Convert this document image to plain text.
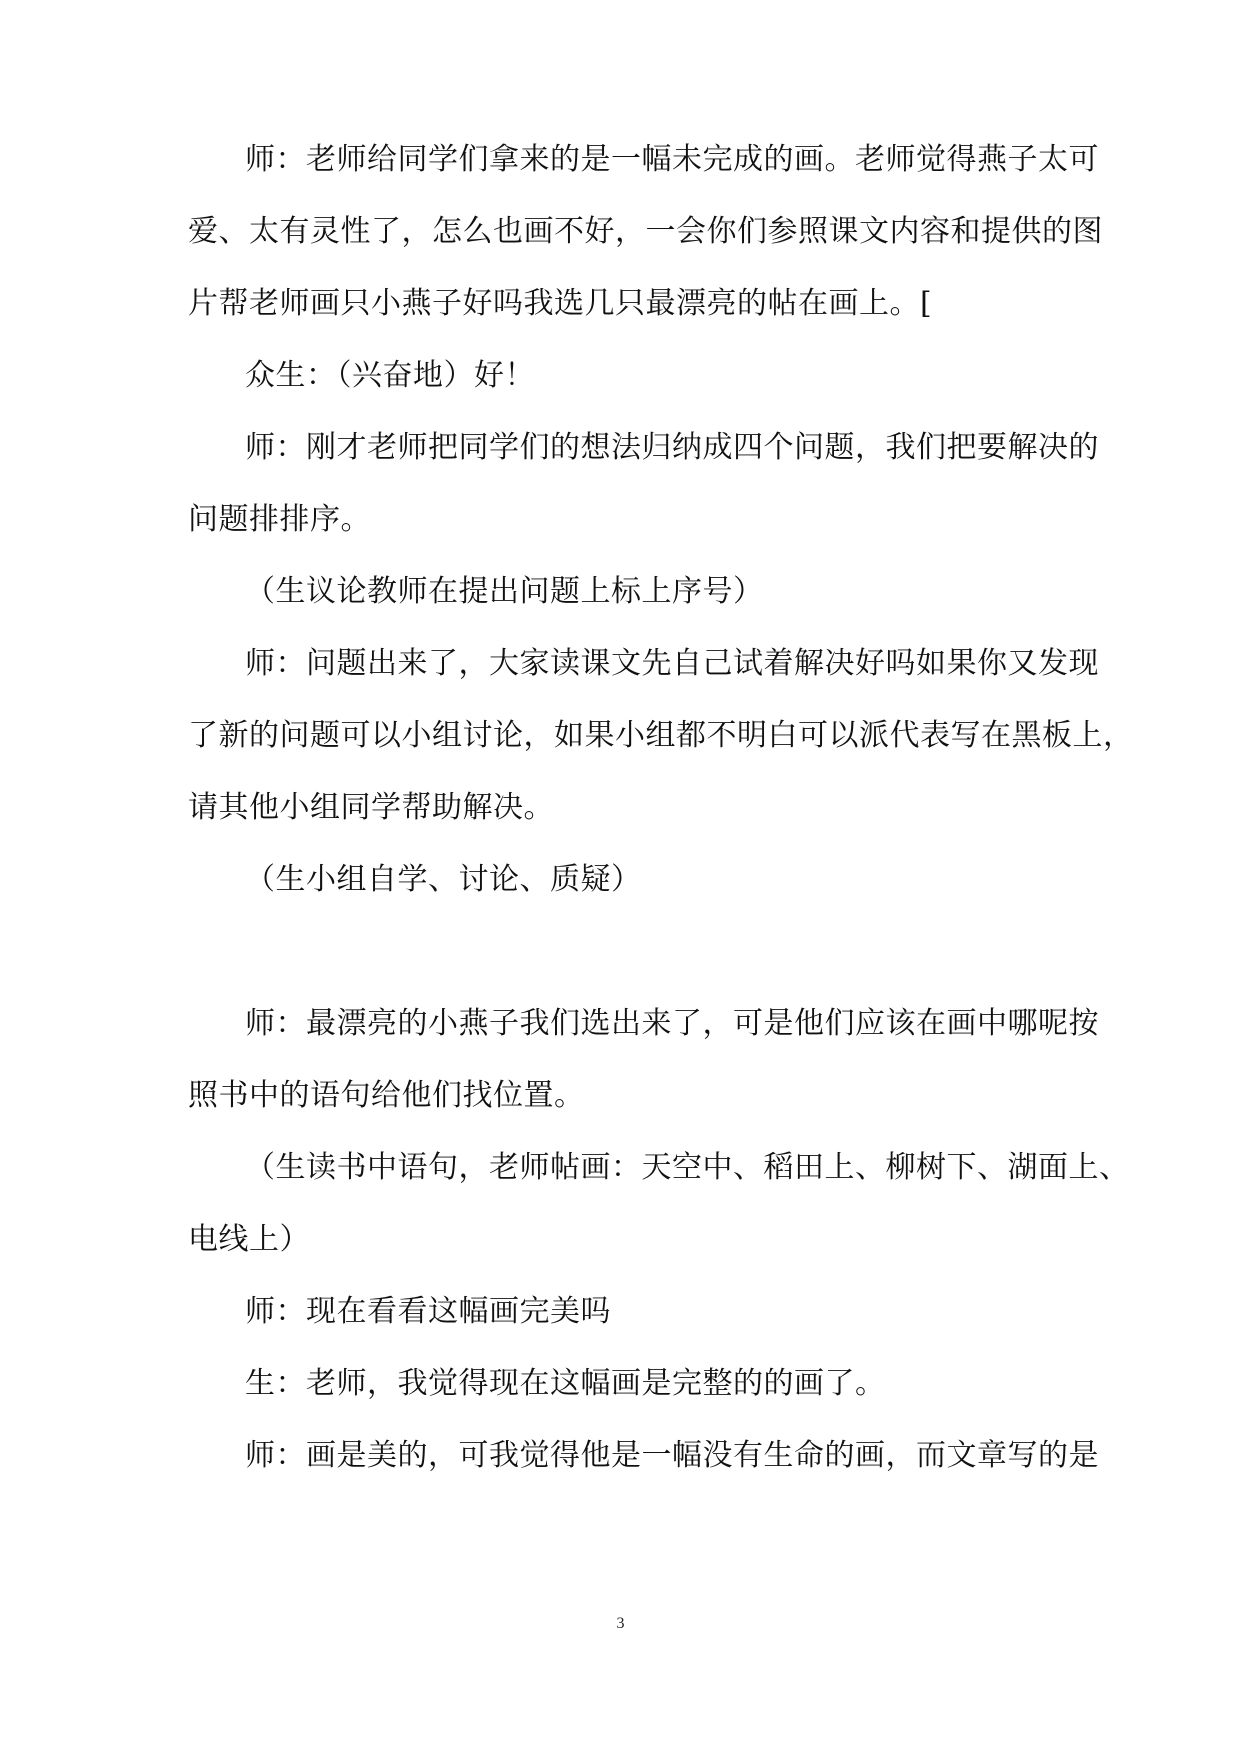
师：老师给同学们拿来的是一幅未完成的画。老师觉得燕子太可

爱、太有灵性了，怎么也画不好，一会你们参照课文内容和提供的图

片帮老师画只小燕子好吗我选几只最漂亮的帖在画上。[

众生：（兴奋地）好！

师：刚才老师把同学们的想法归纳成四个问题，我们把要解决的

问题排排序。

（生议论教师在提出问题上标上序号）

师：问题出来了，大家读课文先自己试着解决好吗如果你又发现

了新的问题可以小组讨论，如果小组都不明白可以派代表写在黑板上，

请其他小组同学帮助解决。

（生小组自学、讨论、质疑）

师：最漂亮的小燕子我们选出来了，可是他们应该在画中哪呢按

照书中的语句给他们找位置。

（生读书中语句，老师帖画：天空中、稻田上、柳树下、湖面上、

电线上）

师：现在看看这幅画完美吗

生：老师，我觉得现在这幅画是完整的的画了。

师：画是美的，可我觉得他是一幅没有生命的画，而文章写的是

3
